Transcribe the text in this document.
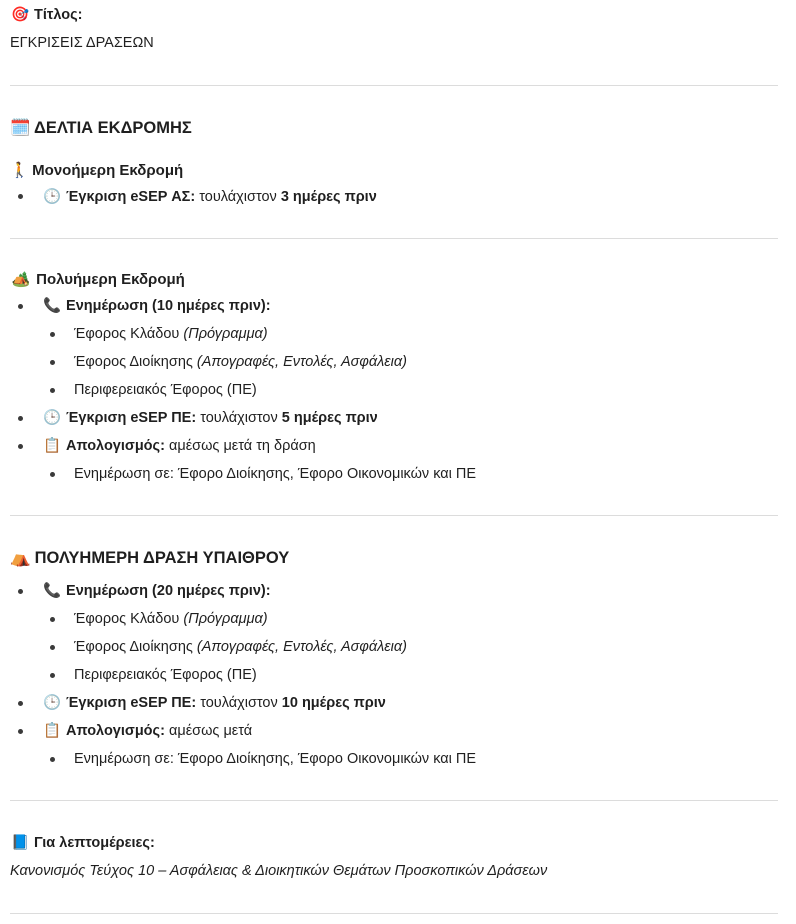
🎯 Τίτλος:
ΕΓΚΡΙΣΕΙΣ ΔΡΑΣΕΩΝ
🗓️ ΔΕΛΤΙΑ ΕΚΔΡΟΜΗΣ
🚶 Μονοήμερη Εκδρομή
🕒 Έγκριση eSEP ΑΣ: τουλάχιστον 3 ημέρες πριν
🏕️ Πολυήμερη Εκδρομή
📞 Ενημέρωση (10 ημέρες πριν):
Έφορος Κλάδου (Πρόγραμμα)
Έφορος Διοίκησης (Απογραφές, Εντολές, Ασφάλεια)
Περιφερειακός Έφορος (ΠΕ)
🕒 Έγκριση eSEP ΠΕ: τουλάχιστον 5 ημέρες πριν
📋 Απολογισμός: αμέσως μετά τη δράση
Ενημέρωση σε: Έφορο Διοίκησης, Έφορο Οικονομικών και ΠΕ
⛺ ΠΟΛΥΗΜΕΡΗ ΔΡΑΣΗ ΥΠΑΙΘΡΟΥ
📞 Ενημέρωση (20 ημέρες πριν):
Έφορος Κλάδου (Πρόγραμμα)
Έφορος Διοίκησης (Απογραφές, Εντολές, Ασφάλεια)
Περιφερειακός Έφορος (ΠΕ)
🕒 Έγκριση eSEP ΠΕ: τουλάχιστον 10 ημέρες πριν
📋 Απολογισμός: αμέσως μετά
Ενημέρωση σε: Έφορο Διοίκησης, Έφορο Οικονομικών και ΠΕ
📘 Για λεπτομέρειες:
Κανονισμός Τεύχος 10 – Ασφάλειας & Διοικητικών Θεμάτων Προσκοπικών Δράσεων
